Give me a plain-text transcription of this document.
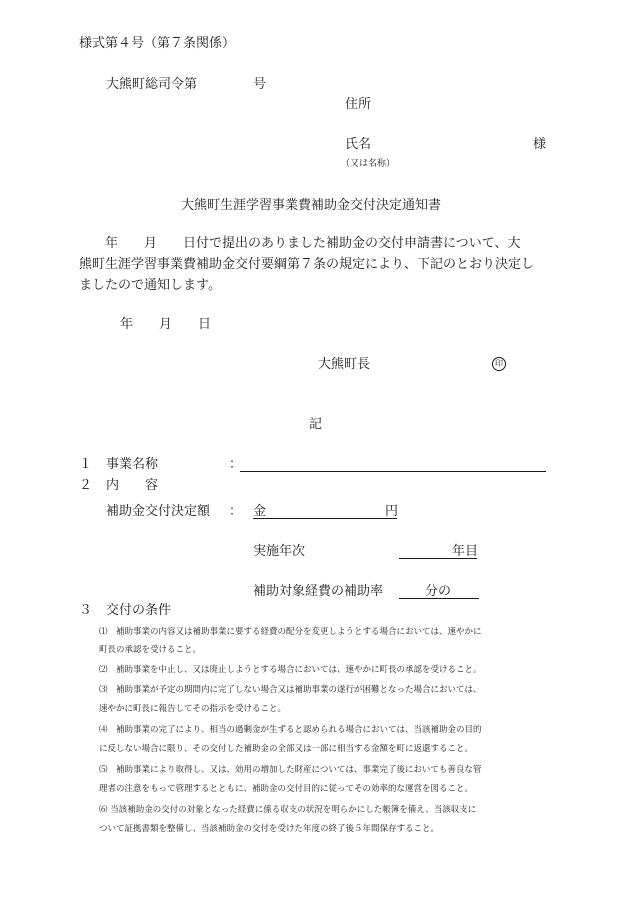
様式第４号（第７条関係）
大熊町総司令第	号
住所
氏名	様
（又は名称）
大熊町生涯学習事業費補助金交付決定通知書
　　年　　月　　日付で提出のありました補助金の交付申請書について、大
熊町生涯学習事業費補助金交付要綱第７条の規定により、下記のとおり決定し
ましたので通知します。
年　　月　　日
大熊町長	印
記
１ 事業名称	：
２ 内　　容
補助金交付決定額 ： 金	円
実施年次	年目
補助対象経費の補助率	分の
３ 交付の条件
⑴　補助事業の内容又は補助事業に要する経費の配分を変更しようとする場合においては、速やかに
町長の承認を受けること。
⑵　補助事業を中止し、又は廃止しようとする場合においては、速やかに町長の承認を受けること。
⑶　補助事業が予定の期間内に完了しない場合又は補助事業の遂行が困難となった場合においては、
速やかに町長に報告してその指示を受けること。
⑷　補助事業の完了により、相当の過剰金が生ずると認められる場合においては、当該補助金の目的
に反しない場合に限り、その交付した補助金の全部又は一部に相当する金額を町に返還すること。
⑸　補助事業により取得し、又は、効用の増加した財産については、事業完了後においても善良な管
理者の注意をもって管理するとともに、補助金の交付目的に従ってその効率的な運営を図ること。
⑹ 当該補助金の交付の対象となった経費に係る収支の状況を明らかにした帳簿を備え、当該収支に
ついて証拠書類を整備し、当該補助金の交付を受けた年度の終了後５年間保存すること。
